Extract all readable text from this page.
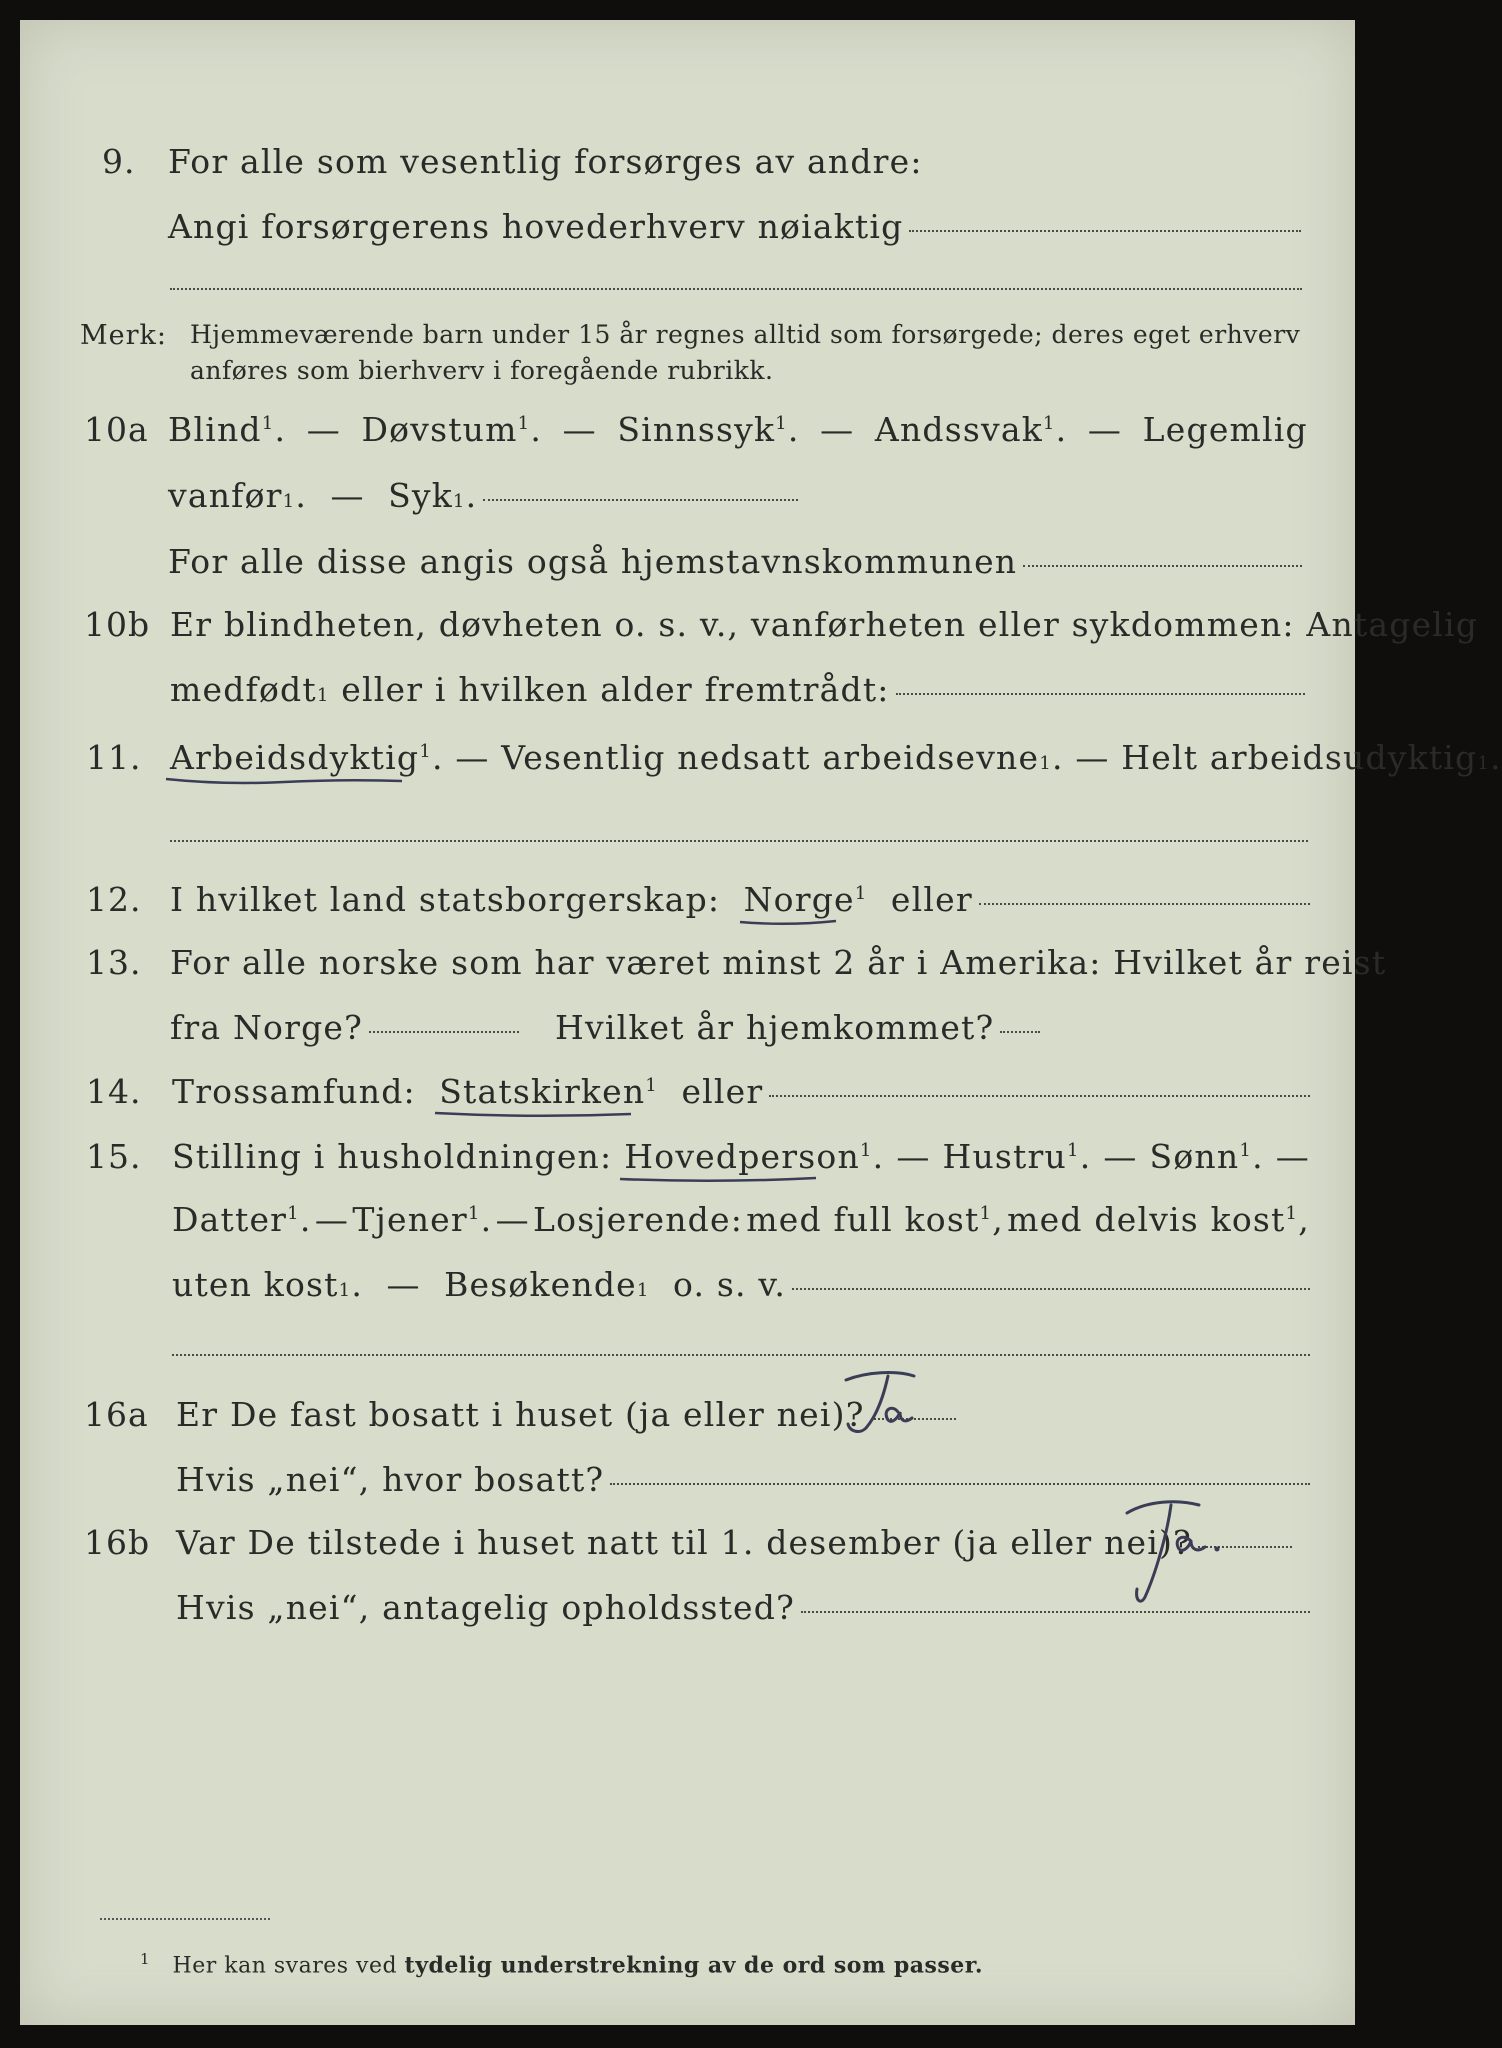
9. For alle som vesentlig forsørges av andre:
Angi forsørgerens hovederhverv nøiaktig
Merk: Hjemmeværende barn under 15 år regnes alltid som forsørgede; deres eget erhverv
anføres som bierhverv i foregående rubrikk.
10a Blind$^1$. — Døvstum$^1$. — Sinnssyk$^1$. — Andssvak$^1$. — Legemlig
vanfør 1 . —
Syk 1 .
For alle disse angis også hjemstavnskommunen
10b Er blindheten, døvheten o. s. v., vanførheten eller sykdommen: Antagelig
medfødt 1
eller i hvilken alder fremtrådt:
11. Arbeidsdyktig$^1$ . — Vesentlig nedsatt arbeidsevne 1 . — Helt arbeidsudyktig 1 .
12. I hvilket land statsborgerskap:
Norge$^1$
eller
13. For alle norske som har været minst 2 år i Amerika: Hvilket år reist
fra Norge?	Hvilket år hjemkommet?
14. Trossamfund:
Statskirken$^1$
eller
15. Stilling i husholdningen: Hovedperson$^1$. — Hustru$^1$. — Sønn$^1$. —
Datter$^1$. — Tjener$^1$. — Losjerende: med full kost$^1$, med delvis kost$^1$,
uten kost 1 . —
Besøkende 1
o. s. v.
16a Er De fast bosatt i huset (ja eller nei)?
Ja
Hvis „nei“, hvor bosatt?
16b Var De tilstede i huset natt til 1. desember (ja eller nei)?
Ja.
Hvis „nei“, antagelig opholdssted?
$^1$ Her kan svares ved tydelig understrekning av de ord som passer.
